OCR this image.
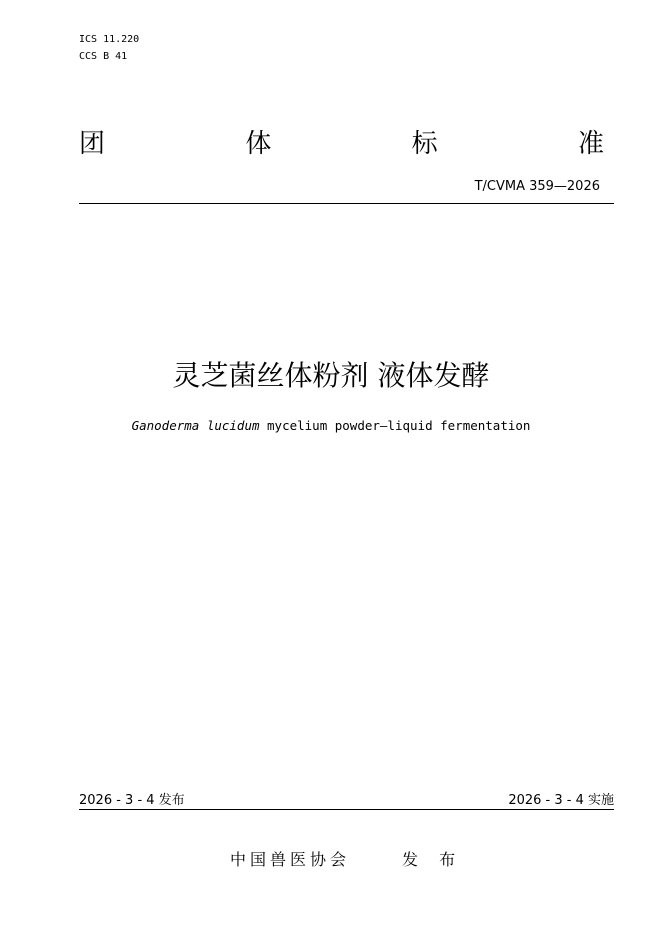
ICS 11.220
CCS B 41
团	体	标	准
T/CVMA 359—2026
灵芝菌丝体粉剂 液体发酵
Ganoderma lucidum mycelium powder—liquid fermentation
2026 - 3 - 4 发布	2026 - 3 - 4 实施
中国兽医协会	发 布
